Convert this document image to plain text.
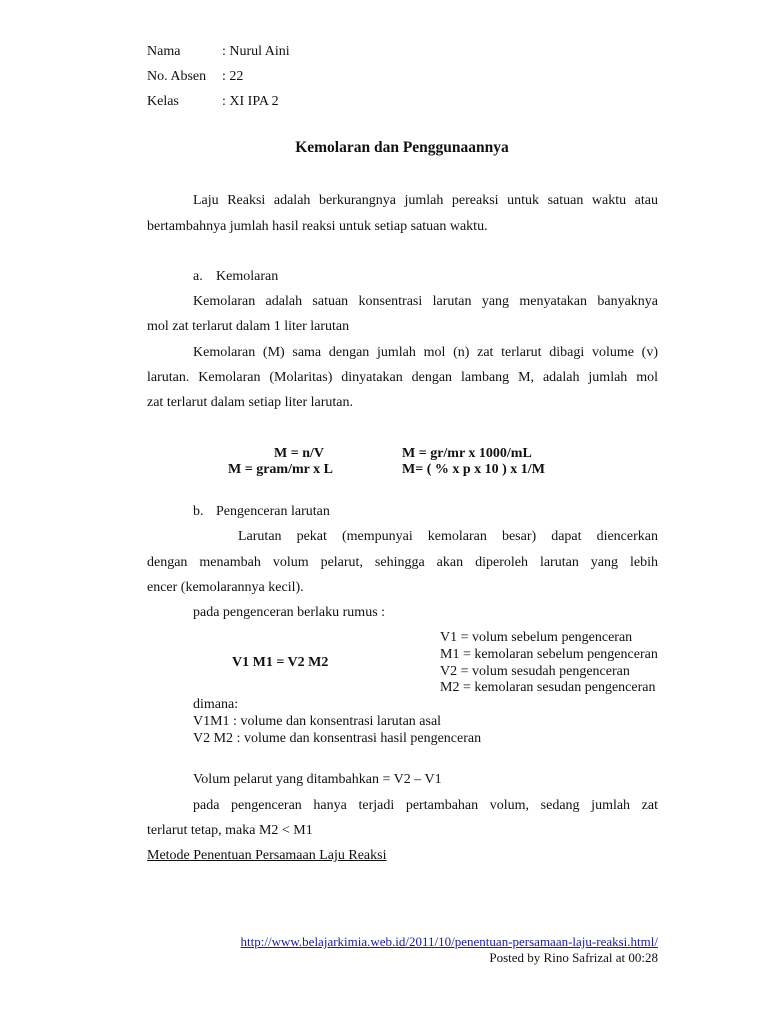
Nama	: Nurul Aini
No. Absen : 22
Kelas	: XI IPA 2
Kemolaran dan Penggunaannya
Laju Reaksi adalah berkurangnya jumlah pereaksi untuk satuan waktu atau
bertambahnya jumlah hasil reaksi untuk setiap satuan waktu.
a. Kemolaran
Kemolaran adalah satuan konsentrasi larutan yang menyatakan banyaknya
mol zat terlarut dalam 1 liter larutan
Kemolaran (M) sama dengan jumlah mol (n) zat terlarut dibagi volume (v)
larutan. Kemolaran (Molaritas) dinyatakan dengan lambang M, adalah jumlah mol
zat terlarut dalam setiap liter larutan.
M = n/V	M = gr/mr x 1000/mL
M = gram/mr x L	M= ( % x p x 10 ) x 1/M
b. Pengenceran larutan
Larutan pekat (mempunyai kemolaran besar) dapat diencerkan
dengan menambah volum pelarut, sehingga akan diperoleh larutan yang lebih
encer (kemolarannya kecil).
pada pengenceran berlaku rumus :
V1 M1 = V2 M2
V1 = volum sebelum pengenceran
M1 = kemolaran sebelum pengenceran
V2 = volum sesudah pengenceran
M2 = kemolaran sesudan pengenceran
dimana:
V1M1 : volume dan konsentrasi larutan asal
V2 M2 : volume dan konsentrasi hasil pengenceran
Volum pelarut yang ditambahkan = V2 – V1
pada pengenceran hanya terjadi pertambahan volum, sedang jumlah zat
terlarut tetap, maka M2 < M1
Metode Penentuan Persamaan Laju Reaksi
http://www.belajarkimia.web.id/2011/10/penentuan-persamaan-laju-reaksi.html/
Posted by Rino Safrizal at 00:28
